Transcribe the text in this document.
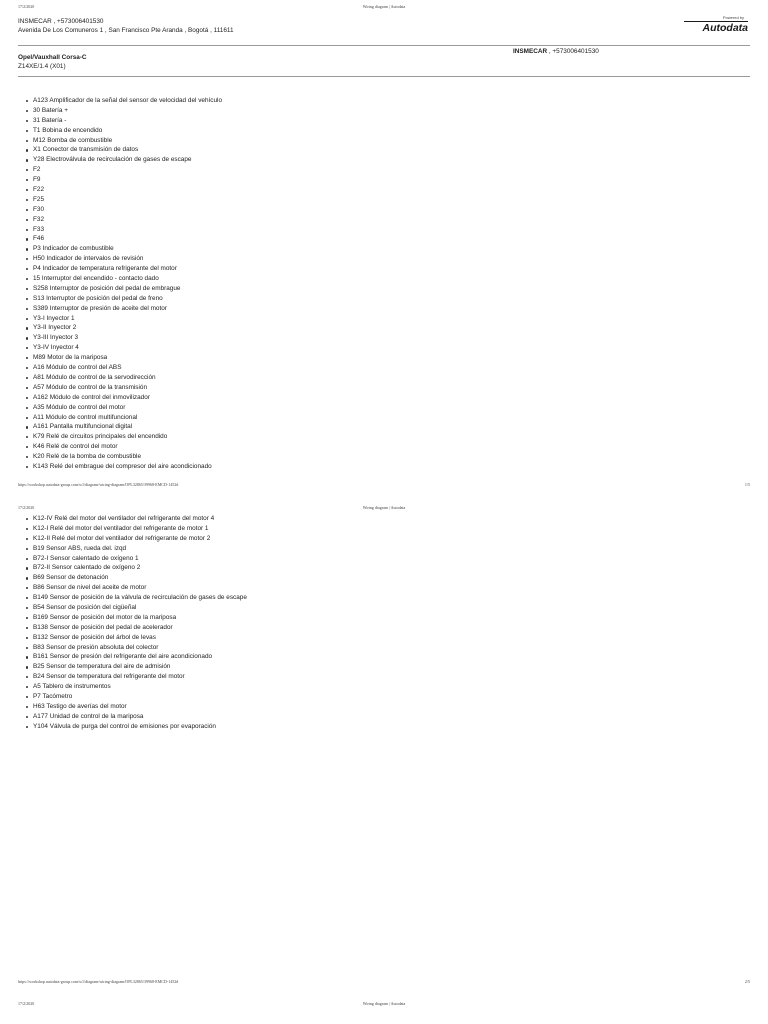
17/2/2020	Wiring diagram | Autodata
INSMECAR , +573006401530
Avenida De Los Comuneros 1 , San Francisco Pte Aranda , Bogotá , 111611
Powered by
Autodata
Opel/Vauxhall Corsa-C
Z14XE/1.4 (X01)
INSMECAR , +573006401530
A123 Amplificador de la señal del sensor de velocidad del vehículo
30 Batería +
31 Batería -
T1 Bobina de encendido
M12 Bomba de combustible
X1 Conector de transmisión de datos
Y28 Electroválvula de recirculación de gases de escape
F2
F9
F22
F25
F30
F32
F33
F46
P3 Indicador de combustible
H50 Indicador de intervalos de revisión
P4 Indicador de temperatura refrigerante del motor
15 Interruptor del encendido - contacto dado
S258 Interruptor de posición del pedal de embrague
S13 Interruptor de posición del pedal de freno
S389 Interruptor de presión de aceite del motor
Y3-I Inyector 1
Y3-II Inyector 2
Y3-III Inyector 3
Y3-IV Inyector 4
M89 Motor de la mariposa
A16 Módulo de control del ABS
A81 Módulo de control de la servodirección
A57 Módulo de control de la transmisión
A162 Módulo de control del inmovilizador
A35 Módulo de control del motor
A11 Módulo de control multifuncional
A161 Pantalla multifuncional digital
K79 Relé de circuitos principales del encendido
K46 Relé de control del motor
K20 Relé de la bomba de combustible
K143 Relé del embrague del compresor del aire acondicionado
https://workshop.autodata-group.com/w1/diagram/wiring-diagram/OPL32865/39968-EMCD-1452#	1/5
17/2/2020	Wiring diagram | Autodata
K12-IV Relé del motor del ventilador del refrigerante del motor 4
K12-I Relé del motor del ventilador del refrigerante de motor 1
K12-II Relé del motor del ventilador del refrigerante de motor 2
B19 Sensor ABS, rueda del. izqd
B72-I Sensor calentado de oxígeno 1
B72-II Sensor calentado de oxígeno 2
B69 Sensor de detonación
B86 Sensor de nivel del aceite de motor
B149 Sensor de posición de la válvula de recirculación de gases de escape
B54 Sensor de posición del cigüeñal
B169 Sensor de posición del motor de la mariposa
B138 Sensor de posición del pedal de acelerador
B132 Sensor de posición del árbol de levas
B83 Sensor de presión absoluta del colector
B161 Sensor de presión del refrigerante del aire acondicionado
B25 Sensor de temperatura del aire de admisión
B24 Sensor de temperatura del refrigerante del motor
A5 Tablero de instrumentos
P7 Tacómetro
H63 Testigo de averías del motor
A177 Unidad de control de la mariposa
Y104 Válvula de purga del control de emisiones por evaporación
https://workshop.autodata-group.com/w1/diagram/wiring-diagram/OPL32865/39968-EMCD-1452#	2/5
17/2/2020	Wiring diagram | Autodata
